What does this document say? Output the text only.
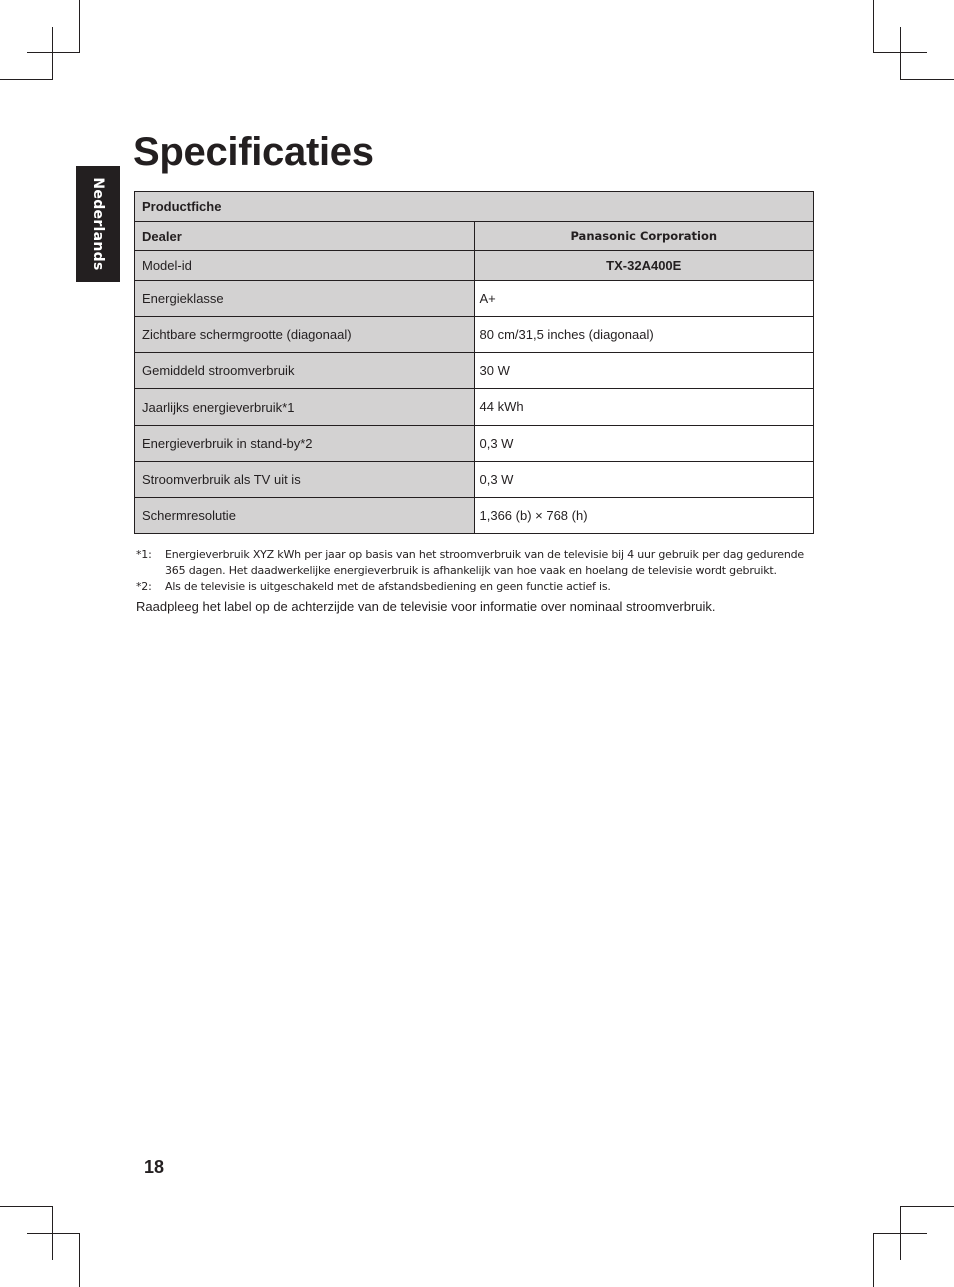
Nederlands
Specificaties
Productfiche	
Dealer	Panasonic Corporation
Model-id	TX-32A400E
Energieklasse	A+
Zichtbare schermgrootte (diagonaal)	80 cm/31,5 inches (diagonaal)
Gemiddeld stroomverbruik	30 W
Jaarlijks energieverbruik*1	44 kWh
Energieverbruik in stand-by*2	0,3 W
Stroomverbruik als TV uit is	0,3 W
Schermresolutie	1,366 (b) × 768 (h)
*1:	Energieverbruik XYZ kWh per jaar op basis van het stroomverbruik van de televisie bij 4 uur gebruik per dag gedurende 365 dagen. Het daadwerkelijke energieverbruik is afhankelijk van hoe vaak en hoelang de televisie wordt gebruikt.
*2:	Als de televisie is uitgeschakeld met de afstandsbediening en geen functie actief is.
Raadpleeg het label op de achterzijde van de televisie voor informatie over nominaal stroomverbruik.
18
